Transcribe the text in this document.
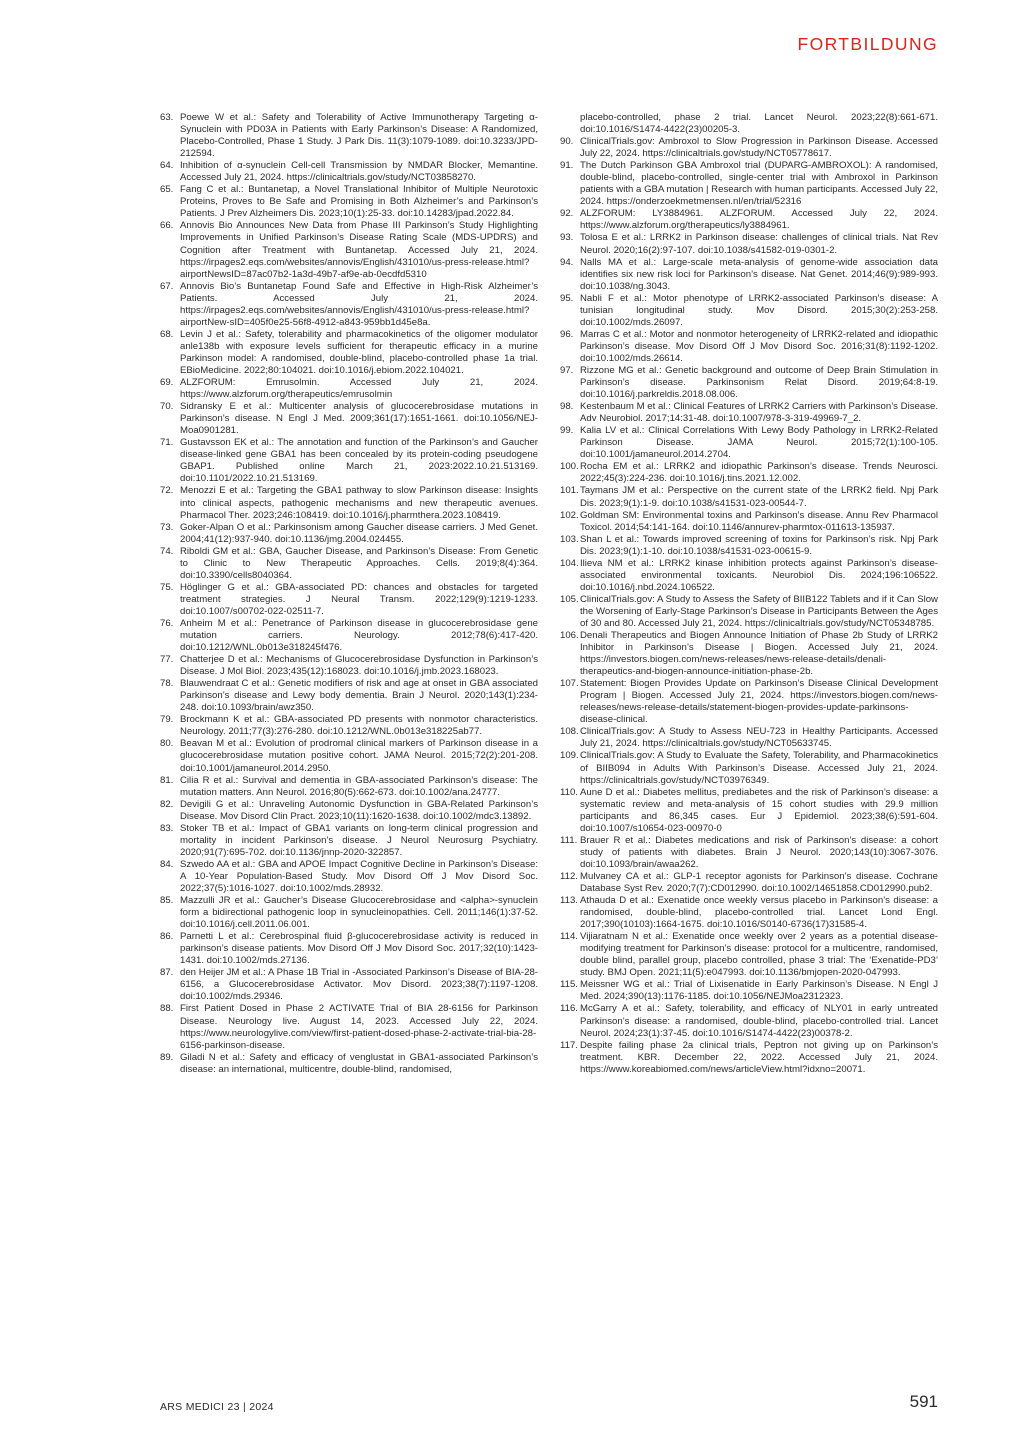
FORTBILDUNG

63. Poewe W et al.: Safety and Tolerability of Active Immunotherapy Targeting α-Synuclein with PD03A in Patients with Early Parkinson’s Disease: A Randomized, Placebo-Controlled, Phase 1 Study. J Park Dis. 11(3):1079-1089. doi:10.3233/JPD-212594.

64. Inhibition of α-synuclein Cell-cell Transmission by NMDAR Blocker, Memantine. Accessed July 21, 2024. https://clinicaltrials.gov/study/NCT03858270.

65. Fang C et al.: Buntanetap, a Novel Translational Inhibitor of Multiple Neurotoxic Proteins, Proves to Be Safe and Promising in Both Alzheimer’s and Parkinson’s Patients. J Prev Alzheimers Dis. 2023;10(1):25-33. doi:10.14283/jpad.2022.84.

66. Annovis Bio Announces New Data from Phase III Parkinson’s Study Highlighting Improvements in Unified Parkinson’s Disease Rating Scale (MDS-UPDRS) and Cognition after Treatment with Buntanetap. Accessed July 21, 2024. https://irpages2.eqs.com/websites/annovis/English/431010/us-press-release.html?airportNewsID=87ac07b2-1a3d-49b7-af9e-ab-0ecdfd5310

67. Annovis Bio’s Buntanetap Found Safe and Effective in High-Risk Alzheimer’s Patients. Accessed July 21, 2024. https://irpages2.eqs.com/websites/annovis/English/431010/us-press-release.html?airportNew-sID=405f0e25-56f8-4912-a843-959bb1d45e8a.

68. Levin J et al.: Safety, tolerability and pharmacokinetics of the oligomer modulator anle138b with exposure levels sufficient for therapeutic efficacy in a murine Parkinson model: A randomised, double-blind, placebo-controlled phase 1a trial. EBioMedicine. 2022;80:104021. doi:10.1016/j.ebiom.2022.104021.

69. ALZFORUM: Emrusolmin. Accessed July 21, 2024. https://www.alzforum.org/therapeutics/emrusolmin

70. Sidransky E et al.: Multicenter analysis of glucocerebrosidase mutations in Parkinson’s disease. N Engl J Med. 2009;361(17):1651-1661. doi:10.1056/NEJ-Moa0901281.

71. Gustavsson EK et al.: The annotation and function of the Parkinson’s and Gaucher disease-linked gene GBA1 has been concealed by its protein-coding pseudogene GBAP1. Published online March 21, 2023:2022.10.21.513169. doi:10.1101/2022.10.21.513169.

72. Menozzi E et al.: Targeting the GBA1 pathway to slow Parkinson disease: Insights into clinical aspects, pathogenic mechanisms and new therapeutic avenues. Pharmacol Ther. 2023;246:108419. doi:10.1016/j.pharmthera.2023.108419.

73. Goker-Alpan O et al.: Parkinsonism among Gaucher disease carriers. J Med Genet. 2004;41(12):937-940. doi:10.1136/jmg.2004.024455.

74. Riboldi GM et al.: GBA, Gaucher Disease, and Parkinson’s Disease: From Genetic to Clinic to New Therapeutic Approaches. Cells. 2019;8(4):364. doi:10.3390/cells8040364.

75. Höglinger G et al.: GBA-associated PD: chances and obstacles for targeted treatment strategies. J Neural Transm. 2022;129(9):1219-1233. doi:10.1007/s00702-022-02511-7.

76. Anheim M et al.: Penetrance of Parkinson disease in glucocerebrosidase gene mutation carriers. Neurology. 2012;78(6):417-420. doi:10.1212/WNL.0b013e318245f476.

77. Chatterjee D et al.: Mechanisms of Glucocerebrosidase Dysfunction in Parkinson’s Disease. J Mol Biol. 2023;435(12):168023. doi:10.1016/j.jmb.2023.168023.

78. Blauwendraat C et al.: Genetic modifiers of risk and age at onset in GBA associated Parkinson’s disease and Lewy body dementia. Brain J Neurol. 2020;143(1):234-248. doi:10.1093/brain/awz350.

79. Brockmann K et al.: GBA-associated PD presents with nonmotor characteristics. Neurology. 2011;77(3):276-280. doi:10.1212/WNL.0b013e318225ab77.

80. Beavan M et al.: Evolution of prodromal clinical markers of Parkinson disease in a glucocerebrosidase mutation positive cohort. JAMA Neurol. 2015;72(2):201-208. doi:10.1001/jamaneurol.2014.2950.

81. Cilia R et al.: Survival and dementia in GBA-associated Parkinson’s disease: The mutation matters. Ann Neurol. 2016;80(5):662-673. doi:10.1002/ana.24777.

82. Devigili G et al.: Unraveling Autonomic Dysfunction in GBA-Related Parkinson’s Disease. Mov Disord Clin Pract. 2023;10(11):1620-1638. doi:10.1002/mdc3.13892.

83. Stoker TB et al.: Impact of GBA1 variants on long-term clinical progression and mortality in incident Parkinson’s disease. J Neurol Neurosurg Psychiatry. 2020;91(7):695-702. doi:10.1136/jnnp-2020-322857.

84. Szwedo AA et al.: GBA and APOE Impact Cognitive Decline in Parkinson’s Disease: A 10-Year Population-Based Study. Mov Disord Off J Mov Disord Soc. 2022;37(5):1016-1027. doi:10.1002/mds.28932.

85. Mazzulli JR et al.: Gaucher’s Disease Glucocerebrosidase and <alpha>-synuclein form a bidirectional pathogenic loop in synucleinopathies. Cell. 2011;146(1):37-52. doi:10.1016/j.cell.2011.06.001.

86. Parnetti L et al.: Cerebrospinal fluid β-glucocerebrosidase activity is reduced in parkinson’s disease patients. Mov Disord Off J Mov Disord Soc. 2017;32(10):1423-1431. doi:10.1002/mds.27136.

87. den Heijer JM et al.: A Phase 1B Trial in -Associated Parkinson’s Disease of BIA-28-6156, a Glucocerebrosidase Activator. Mov Disord. 2023;38(7):1197-1208. doi:10.1002/mds.29346.

88. First Patient Dosed in Phase 2 ACTIVATE Trial of BIA 28-6156 for Parkinson Disease. Neurology live. August 14, 2023. Accessed July 22, 2024. https://www.neurologylive.com/view/first-patient-dosed-phase-2-activate-trial-bia-28-6156-parkinson-disease.

89. Giladi N et al.: Safety and efficacy of venglustat in GBA1-associated Parkinson’s disease: an international, multicentre, double-blind, randomised,

placebo-controlled, phase 2 trial. Lancet Neurol. 2023;22(8):661-671. doi:10.1016/S1474-4422(23)00205-3.

90. ClinicalTrials.gov: Ambroxol to Slow Progression in Parkinson Disease. Accessed July 22, 2024. https://clinicaltrials.gov/study/NCT05778617.

91. The Dutch Parkinson GBA Ambroxol trial (DUPARG-AMBROXOL): A randomised, double-blind, placebo-controlled, single-center trial with Ambroxol in Parkinson patients with a GBA mutation | Research with human participants. Accessed July 22, 2024. https://onderzoekmetmensen.nl/en/trial/52316

92. ALZFORUM: LY3884961. ALZFORUM. Accessed July 22, 2024. https://www.alzforum.org/therapeutics/ly3884961.

93. Tolosa E et al.: LRRK2 in Parkinson disease: challenges of clinical trials. Nat Rev Neurol. 2020;16(2):97-107. doi:10.1038/s41582-019-0301-2.

94. Nalls MA et al.: Large-scale meta-analysis of genome-wide association data identifies six new risk loci for Parkinson’s disease. Nat Genet. 2014;46(9):989-993. doi:10.1038/ng.3043.

95. Nabli F et al.: Motor phenotype of LRRK2-associated Parkinson’s disease: A tunisian longitudinal study. Mov Disord. 2015;30(2):253-258. doi:10.1002/mds.26097.

96. Marras C et al.: Motor and nonmotor heterogeneity of LRRK2-related and idiopathic Parkinson’s disease. Mov Disord Off J Mov Disord Soc. 2016;31(8):1192-1202. doi:10.1002/mds.26614.

97. Rizzone MG et al.: Genetic background and outcome of Deep Brain Stimulation in Parkinson’s disease. Parkinsonism Relat Disord. 2019;64:8-19. doi:10.1016/j.parkreldis.2018.08.006.

98. Kestenbaum M et al.: Clinical Features of LRRK2 Carriers with Parkinson’s Disease. Adv Neurobiol. 2017;14:31-48. doi:10.1007/978-3-319-49969-7_2.

99. Kalia LV et al.: Clinical Correlations With Lewy Body Pathology in LRRK2-Related Parkinson Disease. JAMA Neurol. 2015;72(1):100-105. doi:10.1001/jamaneurol.2014.2704.

100. Rocha EM et al.: LRRK2 and idiopathic Parkinson’s disease. Trends Neurosci. 2022;45(3):224-236. doi:10.1016/j.tins.2021.12.002.

101. Taymans JM et al.: Perspective on the current state of the LRRK2 field. Npj Park Dis. 2023;9(1):1-9. doi:10.1038/s41531-023-00544-7.

102. Goldman SM: Environmental toxins and Parkinson’s disease. Annu Rev Pharmacol Toxicol. 2014;54:141-164. doi:10.1146/annurev-pharmtox-011613-135937.

103. Shan L et al.: Towards improved screening of toxins for Parkinson’s risk. Npj Park Dis. 2023;9(1):1-10. doi:10.1038/s41531-023-00615-9.

104. Ilieva NM et al.: LRRK2 kinase inhibition protects against Parkinson’s disease-associated environmental toxicants. Neurobiol Dis. 2024;196:106522. doi:10.1016/j.nbd.2024.106522.

105. ClinicalTrials.gov: A Study to Assess the Safety of BIIB122 Tablets and if it Can Slow the Worsening of Early-Stage Parkinson’s Disease in Participants Between the Ages of 30 and 80. Accessed July 21, 2024. https://clinicaltrials.gov/study/NCT05348785.

106. Denali Therapeutics and Biogen Announce Initiation of Phase 2b Study of LRRK2 Inhibitor in Parkinson’s Disease | Biogen. Accessed July 21, 2024. https://investors.biogen.com/news-releases/news-release-details/denali-therapeutics-and-biogen-announce-initiation-phase-2b.

107. Statement: Biogen Provides Update on Parkinson’s Disease Clinical Development Program | Biogen. Accessed July 21, 2024. https://investors.biogen.com/news-releases/news-release-details/statement-biogen-provides-update-parkinsons-disease-clinical.

108. ClinicalTrials.gov: A Study to Assess NEU-723 in Healthy Participants. Accessed July 21, 2024. https://clinicaltrials.gov/study/NCT05633745.

109. ClinicalTrials.gov: A Study to Evaluate the Safety, Tolerability, and Pharmacokinetics of BIIB094 in Adults With Parkinson’s Disease. Accessed July 21, 2024. https://clinicaltrials.gov/study/NCT03976349.

110. Aune D et al.: Diabetes mellitus, prediabetes and the risk of Parkinson’s disease: a systematic review and meta-analysis of 15 cohort studies with 29.9 million participants and 86,345 cases. Eur J Epidemiol. 2023;38(6):591-604. doi:10.1007/s10654-023-00970-0

111. Brauer R et al.: Diabetes medications and risk of Parkinson’s disease: a cohort study of patients with diabetes. Brain J Neurol. 2020;143(10):3067-3076. doi:10.1093/brain/awaa262.

112. Mulvaney CA et al.: GLP-1 receptor agonists for Parkinson’s disease. Cochrane Database Syst Rev. 2020;7(7):CD012990. doi:10.1002/14651858.CD012990.pub2.

113. Athauda D et al.: Exenatide once weekly versus placebo in Parkinson’s disease: a randomised, double-blind, placebo-controlled trial. Lancet Lond Engl. 2017;390(10103):1664-1675. doi:10.1016/S0140-6736(17)31585-4.

114. Vijiaratnam N et al.: Exenatide once weekly over 2 years as a potential disease-modifying treatment for Parkinson’s disease: protocol for a multicentre, randomised, double blind, parallel group, placebo controlled, phase 3 trial: The ‘Exenatide-PD3’ study. BMJ Open. 2021;11(5):e047993. doi:10.1136/bmjopen-2020-047993.

115. Meissner WG et al.: Trial of Lixisenatide in Early Parkinson’s Disease. N Engl J Med. 2024;390(13):1176-1185. doi:10.1056/NEJMoa2312323.

116. McGarry A et al.: Safety, tolerability, and efficacy of NLY01 in early untreated Parkinson’s disease: a randomised, double-blind, placebo-controlled trial. Lancet Neurol. 2024;23(1):37-45. doi:10.1016/S1474-4422(23)00378-2.

117. Despite failing phase 2a clinical trials, Peptron not giving up on Parkinson’s treatment. KBR. December 22, 2022. Accessed July 21, 2024. https://www.koreabiomed.com/news/articleView.html?idxno=20071.

ARS MEDICI 23 | 2024	591
